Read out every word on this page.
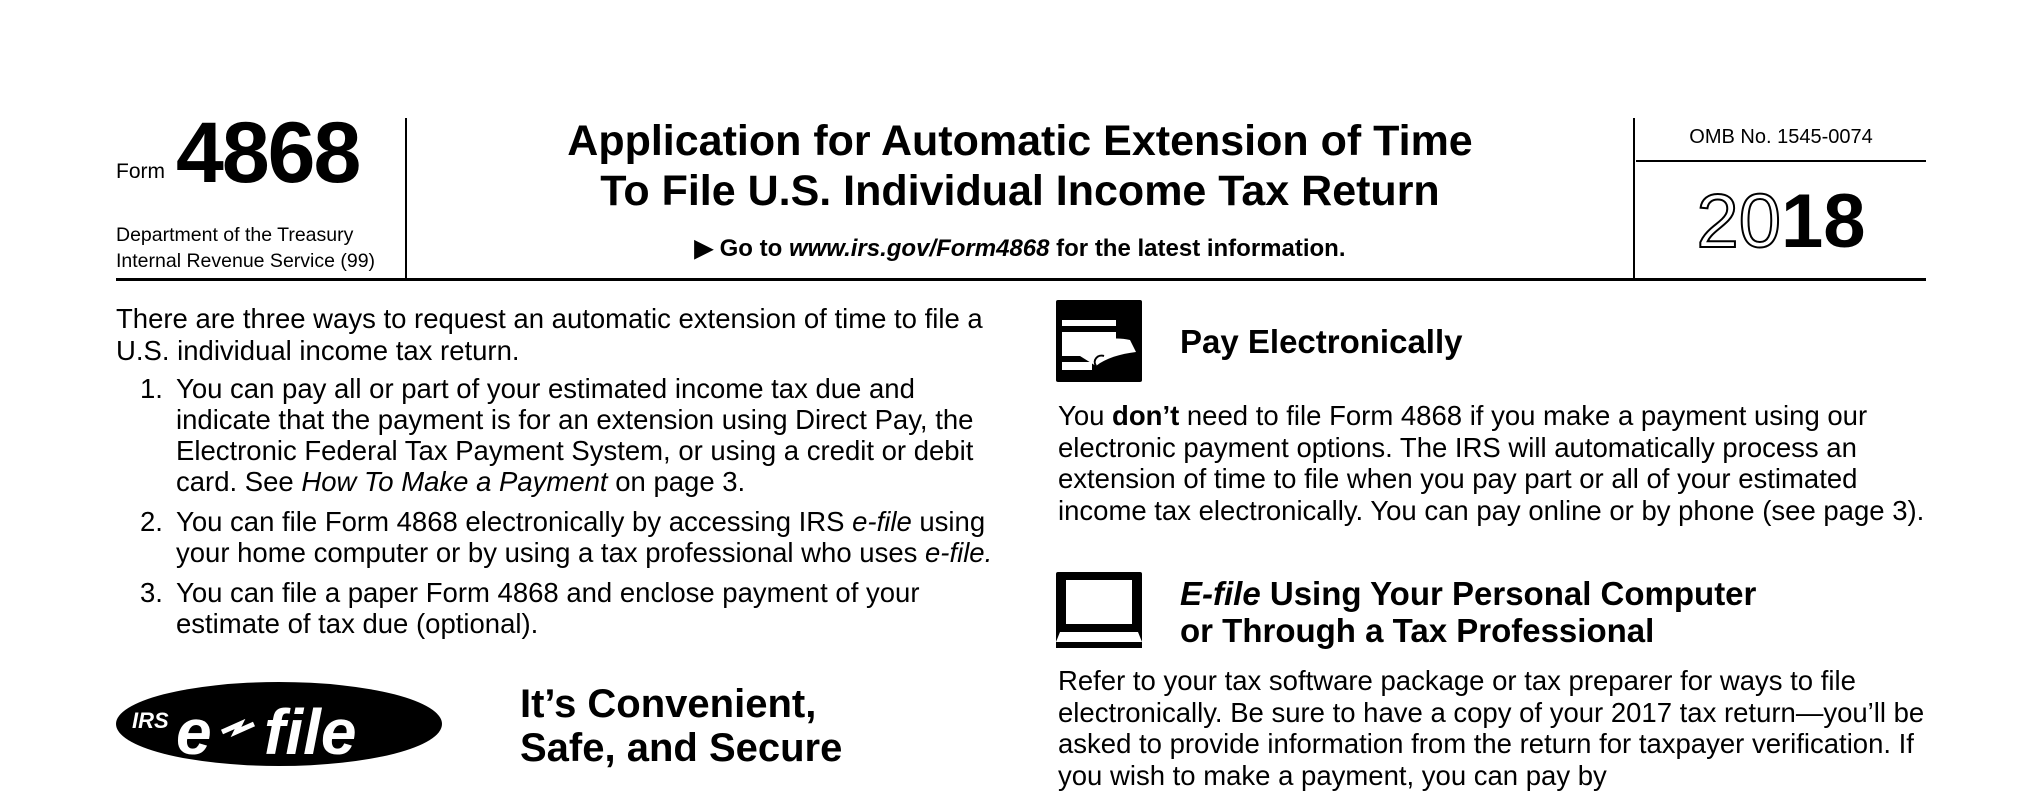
Form 4868
Department of the Treasury
Internal Revenue Service (99)
Application for Automatic Extension of Time
To File U.S. Individual Income Tax Return
▶ Go to www.irs.gov/Form4868 for the latest information.
OMB No. 1545-0074
2018
There are three ways to request an automatic extension of time to file a U.S. individual income tax return.
1. You can pay all or part of your estimated income tax due and indicate that the payment is for an extension using Direct Pay, the Electronic Federal Tax Payment System, or using a credit or debit card. See How To Make a Payment on page 3.
2. You can file Form 4868 electronically by accessing IRS e-file using your home computer or by using a tax professional who uses e-file.
3. You can file a paper Form 4868 and enclose payment of your estimate of tax due (optional).
IRS e file	It’s Convenient,
Safe, and Secure
Pay Electronically
You don’t need to file Form 4868 if you make a payment using our electronic payment options. The IRS will automatically process an extension of time to file when you pay part or all of your estimated income tax electronically. You can pay online or by phone (see page 3).
E-file Using Your Personal Computer
or Through a Tax Professional
Refer to your tax software package or tax preparer for ways to file electronically. Be sure to have a copy of your 2017 tax return—you’ll be asked to provide information from the return for taxpayer verification. If you wish to make a payment, you can pay by
